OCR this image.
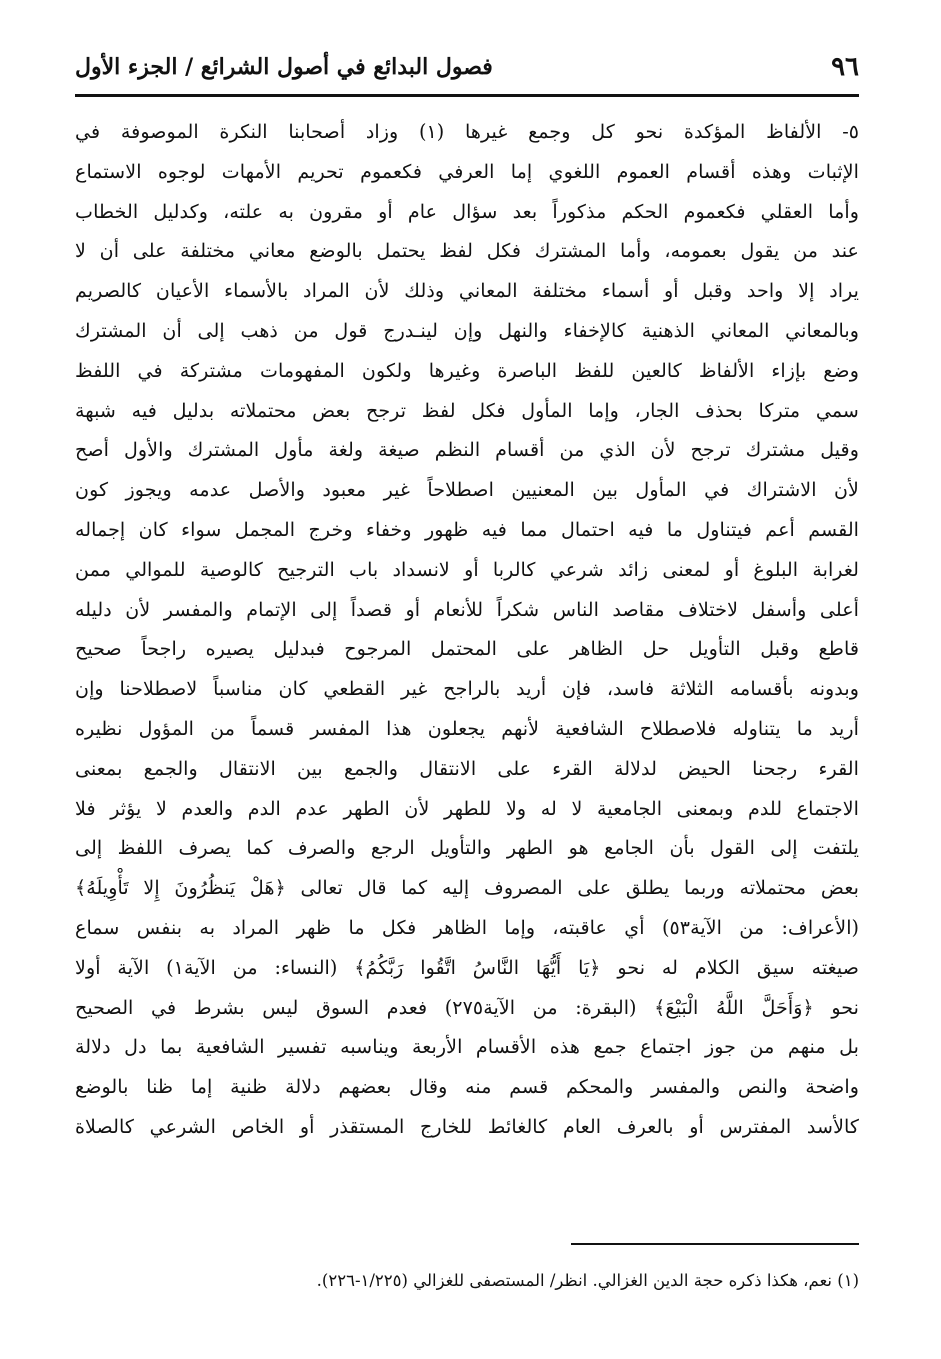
٩٦
فصول البدائع في أصول الشرائع / الجزء الأول
٥- الألفاظ المؤكدة نحو كل وجمع غيرها (١) وزاد أصحابنا النكرة الموصوفة في
الإثبات وهذه أقسام العموم اللغوي إما العرفي فكعموم تحريم الأمهات لوجوه الاستماع
وأما العقلي فكعموم الحكم مذكوراً بعد سؤال عام أو مقرون به علته، وكدليل الخطاب
عند من يقول بعمومه، وأما المشترك فكل لفظ يحتمل بالوضع معاني مختلفة على أن لا
يراد إلا واحد وقبل أو أسماء مختلفة المعاني وذلك لأن المراد بالأسماء الأعيان كالصريم
وبالمعاني المعاني الذهنية كالإخفاء والنهل وإن لينـدرج قول من ذهب إلى أن المشترك
وضع بإزاء الألفاظ كالعين للفظ الباصرة وغيرها ولكون المفهومات مشتركة في اللفظ
سمي متركا بحذف الجار، وإما المأول فكل لفظ ترجح بعض محتملاته بدليل فيه شبهة
وقيل مشترك ترجح لأن الذي من أقسام النظم صيغة ولغة مأول المشترك والأول أصح
لأن الاشتراك في المأول بين المعنيين اصطلاحاً غير معبود والأصل عدمه ويجوز كون
القسم أعم فيتناول ما فيه احتمال مما فيه ظهور وخفاء وخرج المجمل سواء كان إجماله
لغرابة البلوغ أو لمعنى زائد شرعي كالربا أو لانسداد باب الترجيح كالوصية للموالي ممن
أعلى وأسفل لاختلاف مقاصد الناس شكراً للأنعام أو قصداً إلى الإتمام والمفسر لأن دليله
قاطع وقبل التأويل حل الظاهر على المحتمل المرجوح فبدليل يصيره راجحاً صحيح
وبدونه بأقسامه الثلاثة فاسد، فإن أريد بالراجح غير القطعي كان مناسباً لاصطلاحنا وإن
أريد ما يتناوله فلاصطلاح الشافعية لأنهم يجعلون هذا المفسر قسماً من المؤول نظيره
القرء رجحنا الحيض لدلالة القرء على الانتقال والجمع بين الانتقال والجمع بمعنى
الاجتماع للدم وبمعنى الجامعية لا له ولا للطهر لأن الطهر عدم الدم والعدم لا يؤثر فلا
يلتفت إلى القول بأن الجامع هو الطهر والتأويل الرجع والصرف كما يصرف اللفظ إلى
بعض محتملاته وربما يطلق على المصروف إليه كما قال تعالى ﴿هَلْ يَنظُرُونَ إِلا تَأْوِيلَهُ﴾
(الأعراف: من الآية٥٣) أي عاقبته، وإما الظاهر فكل ما ظهر المراد به بنفس سماع
صيغته سيق الكلام له نحو ﴿يَا أَيُّهَا النَّاسُ اتَّقُوا رَبَّكُمُ﴾ (النساء: من الآية١) الآية أولا
نحو ﴿وَأَحَلَّ اللَّهُ الْبَيْعَ﴾ (البقرة: من الآية٢٧٥) فعدم السوق ليس بشرط في الصحيح
بل منهم من جوز اجتماع جمع هذه الأقسام الأربعة ويناسبه تفسير الشافعية بما دل دلالة
واضحة والنص والمفسر والمحكم قسم منه وقال بعضهم دلالة ظنية إما ظنا بالوضع
كالأسد المفترس أو بالعرف العام كالغائط للخارج المستقذر أو الخاص الشرعي كالصلاة
(١) نعم، هكذا ذكره حجة الدين الغزالي. انظر/ المستصفى للغزالي (١/٢٢٥-٢٢٦).
